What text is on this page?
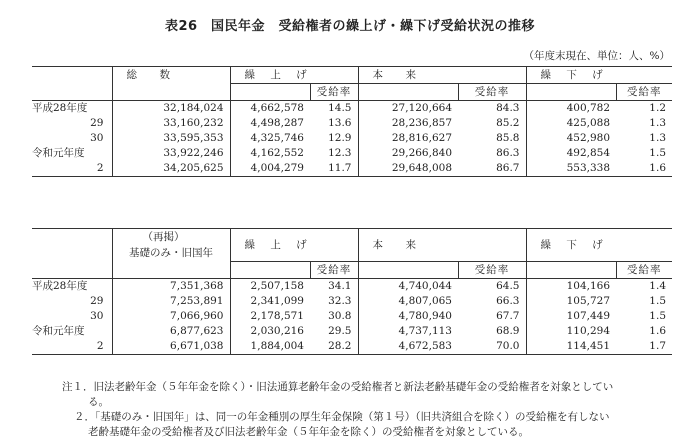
表26　国民年金　受給権者の繰上げ・繰下げ受給状況の推移
（年度末現在、単位：人、%）
	総　数	繰 上 げ		本　来		繰 下 げ	
			受給率		受給率		受給率
平成28年度	32,184,024	4,662,578	14.5	27,120,664	84.3	400,782	1.2
29	33,160,232	4,498,287	13.6	28,236,857	85.2	425,088	1.3
30	33,595,353	4,325,746	12.9	28,816,627	85.8	452,980	1.3
令和元年度	33,922,246	4,162,552	12.3	29,266,840	86.3	492,854	1.5
2	34,205,625	4,004,279	11.7	29,648,008	86.7	553,338	1.6
	（再掲）	繰 上 げ		本　来		繰 下 げ	
	基礎のみ・旧国年						
			受給率		受給率		受給率
平成28年度	7,351,368	2,507,158	34.1	4,740,044	64.5	104,166	1.4
29	7,253,891	2,341,099	32.3	4,807,065	66.3	105,727	1.5
30	7,066,960	2,178,571	30.8	4,780,940	67.7	107,449	1.5
令和元年度	6,877,623	2,030,216	29.5	4,737,113	68.9	110,294	1.6
2	6,671,038	1,884,004	28.2	4,672,583	70.0	114,451	1.7
注１．旧法老齢年金（５年年金を除く）・旧法通算老齢年金の受給権者と新法老齢基礎年金の受給権者を対象としてい
る。
２．「基礎のみ・旧国年」は、同一の年金種別の厚生年金保険（第１号）（旧共済組合を除く）の受給権を有しない
老齢基礎年金の受給権者及び旧法老齢年金（５年年金を除く）の受給権者を対象としている。
